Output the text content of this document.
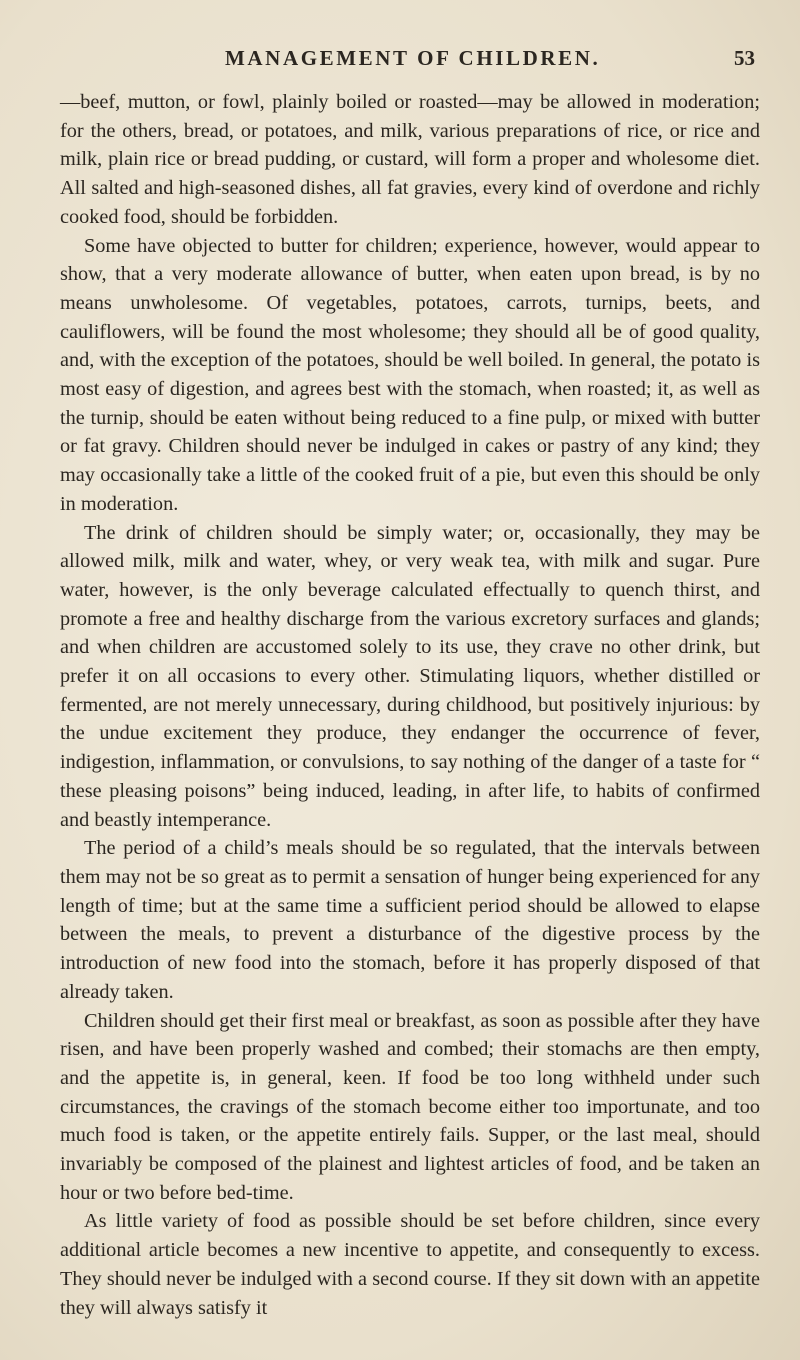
MANAGEMENT OF CHILDREN.	53

—beef, mutton, or fowl, plainly boiled or roasted—may be allowed in moderation; for the others, bread, or potatoes, and milk, various preparations of rice, or rice and milk, plain rice or bread pudding, or custard, will form a proper and wholesome diet. All salted and high-seasoned dishes, all fat gravies, every kind of overdone and richly cooked food, should be forbidden.

Some have objected to butter for children; experience, however, would appear to show, that a very moderate allowance of butter, when eaten upon bread, is by no means unwholesome. Of vegetables, potatoes, carrots, turnips, beets, and cauliflowers, will be found the most wholesome; they should all be of good quality, and, with the exception of the potatoes, should be well boiled. In general, the potato is most easy of digestion, and agrees best with the stomach, when roasted; it, as well as the turnip, should be eaten without being reduced to a fine pulp, or mixed with butter or fat gravy. Children should never be indulged in cakes or pastry of any kind; they may occasionally take a little of the cooked fruit of a pie, but even this should be only in moderation.

The drink of children should be simply water; or, occasionally, they may be allowed milk, milk and water, whey, or very weak tea, with milk and sugar. Pure water, however, is the only beverage calculated effectually to quench thirst, and promote a free and healthy discharge from the various excretory surfaces and glands; and when children are accustomed solely to its use, they crave no other drink, but prefer it on all occasions to every other. Stimulating liquors, whether distilled or fermented, are not merely unnecessary, during childhood, but positively injurious: by the undue excitement they produce, they endanger the occurrence of fever, indigestion, inflammation, or convulsions, to say nothing of the danger of a taste for “ these pleasing poisons” being induced, leading, in after life, to habits of confirmed and beastly intemperance.

The period of a child’s meals should be so regulated, that the intervals between them may not be so great as to permit a sensation of hunger being experienced for any length of time; but at the same time a sufficient period should be allowed to elapse between the meals, to prevent a disturbance of the digestive process by the introduction of new food into the stomach, before it has properly disposed of that already taken.

Children should get their first meal or breakfast, as soon as possible after they have risen, and have been properly washed and combed; their stomachs are then empty, and the appetite is, in general, keen. If food be too long withheld under such circumstances, the cravings of the stomach become either too importunate, and too much food is taken, or the appetite entirely fails. Supper, or the last meal, should invariably be composed of the plainest and lightest articles of food, and be taken an hour or two before bed-time.

As little variety of food as possible should be set before children, since every additional article becomes a new incentive to appetite, and consequently to excess. They should never be indulged with a second course. If they sit down with an appetite they will always satisfy it
